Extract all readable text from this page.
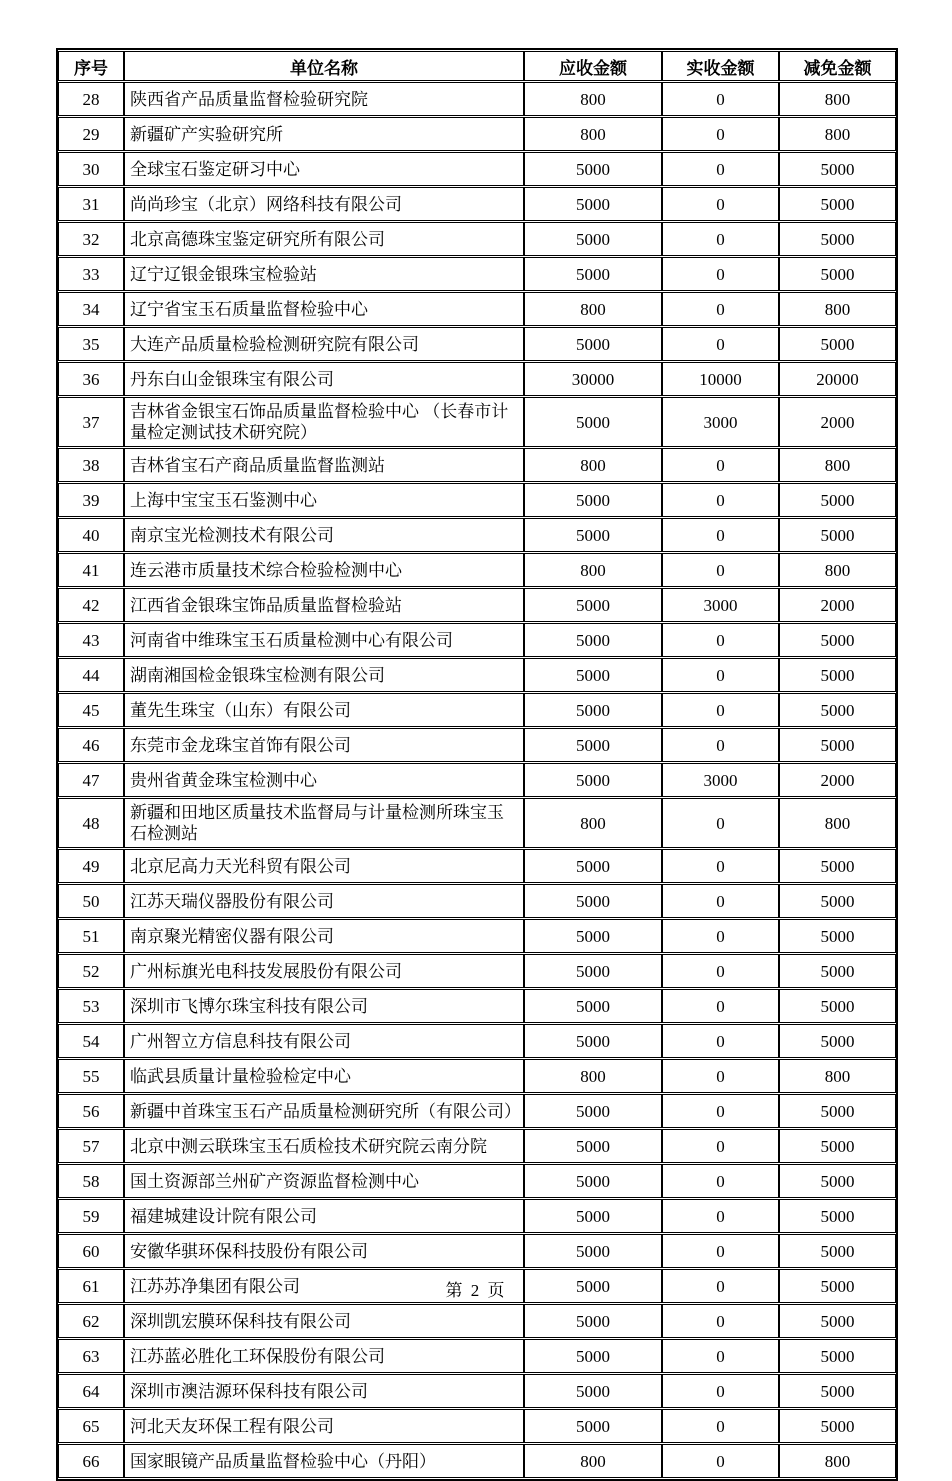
序号	单位名称	应收金额	实收金额	减免金额
28	陕西省产品质量监督检验研究院	800	0	800
29	新疆矿产实验研究所	800	0	800
30	全球宝石鉴定研习中心	5000	0	5000
31	尚尚珍宝（北京）网络科技有限公司	5000	0	5000
32	北京高德珠宝鉴定研究所有限公司	5000	0	5000
33	辽宁辽银金银珠宝检验站	5000	0	5000
34	辽宁省宝玉石质量监督检验中心	800	0	800
35	大连产品质量检验检测研究院有限公司	5000	0	5000
36	丹东白山金银珠宝有限公司	30000	10000	20000
37	吉林省金银宝石饰品质量监督检验中心 （长春市计量检定测试技术研究院）	5000	3000	2000
38	吉林省宝石产商品质量监督监测站	800	0	800
39	上海中宝宝玉石鉴测中心	5000	0	5000
40	南京宝光检测技术有限公司	5000	0	5000
41	连云港市质量技术综合检验检测中心	800	0	800
42	江西省金银珠宝饰品质量监督检验站	5000	3000	2000
43	河南省中维珠宝玉石质量检测中心有限公司	5000	0	5000
44	湖南湘国检金银珠宝检测有限公司	5000	0	5000
45	董先生珠宝（山东）有限公司	5000	0	5000
46	东莞市金龙珠宝首饰有限公司	5000	0	5000
47	贵州省黄金珠宝检测中心	5000	3000	2000
48	新疆和田地区质量技术监督局与计量检测所珠宝玉石检测站	800	0	800
49	北京尼高力天光科贸有限公司	5000	0	5000
50	江苏天瑞仪器股份有限公司	5000	0	5000
51	南京聚光精密仪器有限公司	5000	0	5000
52	广州标旗光电科技发展股份有限公司	5000	0	5000
53	深圳市飞博尔珠宝科技有限公司	5000	0	5000
54	广州智立方信息科技有限公司	5000	0	5000
55	临武县质量计量检验检定中心	800	0	800
56	新疆中首珠宝玉石产品质量检测研究所（有限公司）	5000	0	5000
57	北京中测云联珠宝玉石质检技术研究院云南分院	5000	0	5000
58	国土资源部兰州矿产资源监督检测中心	5000	0	5000
59	福建城建设计院有限公司	5000	0	5000
60	安徽华骐环保科技股份有限公司	5000	0	5000
61	江苏苏净集团有限公司	5000	0	5000
62	深圳凯宏膜环保科技有限公司	5000	0	5000
63	江苏蓝必胜化工环保股份有限公司	5000	0	5000
64	深圳市澳洁源环保科技有限公司	5000	0	5000
65	河北天友环保工程有限公司	5000	0	5000
66	国家眼镜产品质量监督检验中心（丹阳）	800	0	800
第 2 页
